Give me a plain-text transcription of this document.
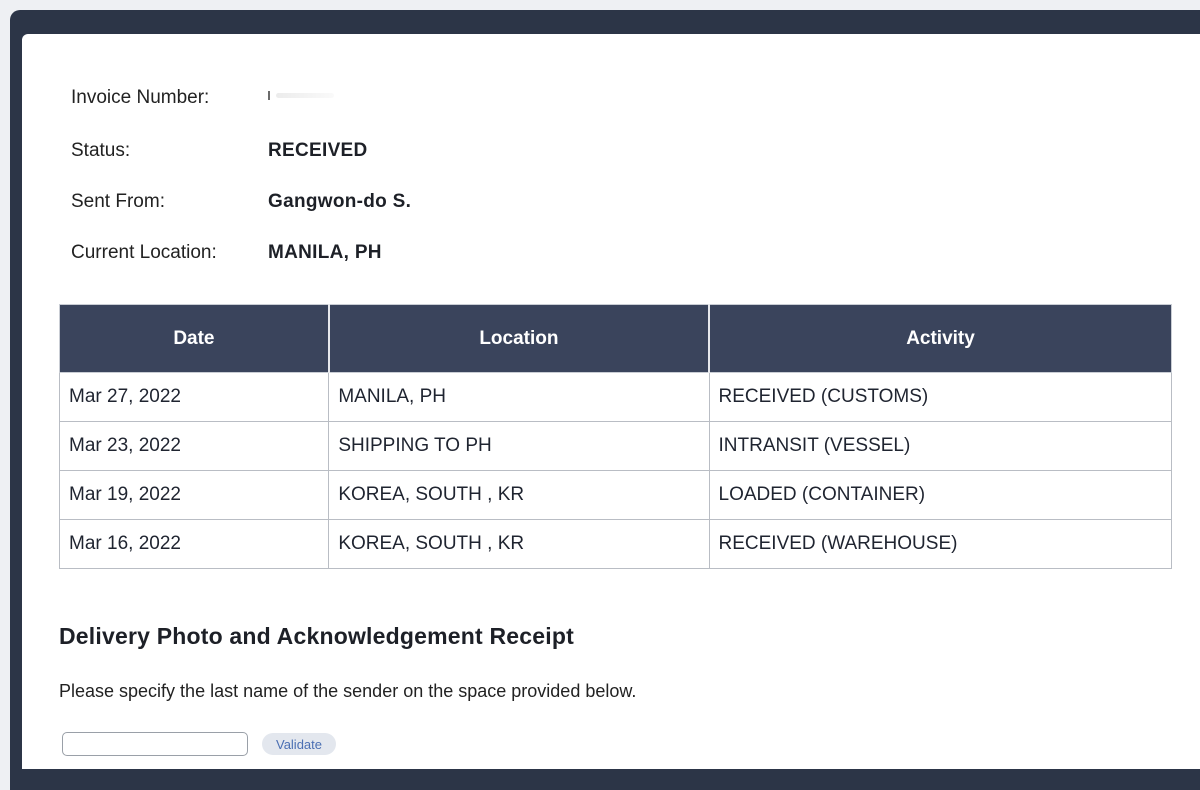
Invoice Number:
Status:	RECEIVED
Sent From:	Gangwon-do S.
Current Location:	MANILA, PH
Date	Location	Activity
Mar 27, 2022	MANILA, PH	RECEIVED (CUSTOMS)
Mar 23, 2022	SHIPPING TO PH	INTRANSIT (VESSEL)
Mar 19, 2022	KOREA, SOUTH , KR	LOADED (CONTAINER)
Mar 16, 2022	KOREA, SOUTH , KR	RECEIVED (WAREHOUSE)
Delivery Photo and Acknowledgement Receipt
Please specify the last name of the sender on the space provided below.
Validate
